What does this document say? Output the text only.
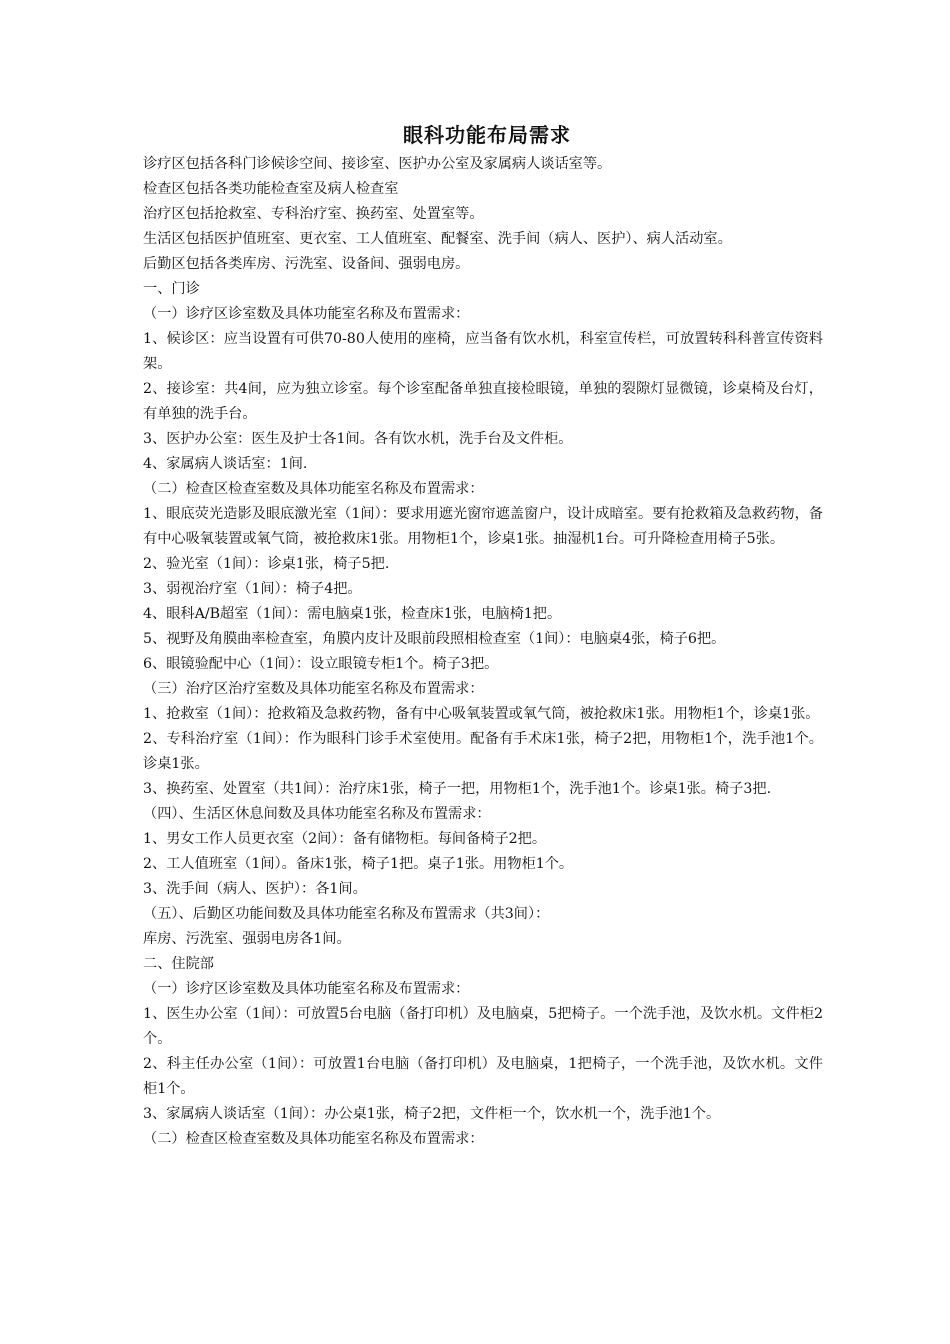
眼科功能布局需求

诊疗区包括各科门诊候诊空间、接诊室、医护办公室及家属病人谈话室等。

检查区包括各类功能检查室及病人检查室

治疗区包括抢救室、专科治疗室、换药室、处置室等。

生活区包括医护值班室、更衣室、工人值班室、配餐室、洗手间（病人、医护）、病人活动室。

后勤区包括各类库房、污洗室、设备间、强弱电房。

一、门诊

（一）诊疗区诊室数及具体功能室名称及布置需求：

1、候诊区：应当设置有可供70-80人使用的座椅，应当备有饮水机，科室宣传栏，可放置转科科普宣传资料架。

2、接诊室：共4间，应为独立诊室。每个诊室配备单独直接检眼镜，单独的裂隙灯显微镜，诊桌椅及台灯，有单独的洗手台。

3、医护办公室：医生及护士各1间。各有饮水机，洗手台及文件柜。

4、家属病人谈话室：1间.

（二）检查区检查室数及具体功能室名称及布置需求：

1、眼底荧光造影及眼底激光室（1间）：要求用遮光窗帘遮盖窗户，设计成暗室。要有抢救箱及急救药物，备有中心吸氧装置或氧气筒，被抢救床1张。用物柜1个，诊桌1张。抽湿机1台。可升降检查用椅子5张。

2、验光室（1间）：诊桌1张，椅子5把.

3、弱视治疗室（1间）：椅子4把。

4、眼科A/B超室（1间）：需电脑桌1张，检查床1张，电脑椅1把。

5、视野及角膜曲率检查室，角膜内皮计及眼前段照相检查室（1间）：电脑桌4张，椅子6把。

6、眼镜验配中心（1间）：设立眼镜专柜1个。椅子3把。

（三）治疗区治疗室数及具体功能室名称及布置需求：

1、抢救室（1间）：抢救箱及急救药物，备有中心吸氧装置或氧气筒，被抢救床1张。用物柜1个，诊桌1张。

2、专科治疗室（1间）：作为眼科门诊手术室使用。配备有手术床1张，椅子2把，用物柜1个，洗手池1个。诊桌1张。

3、换药室、处置室（共1间）：治疗床1张，椅子一把，用物柜1个，洗手池1个。诊桌1张。椅子3把.

（四）、生活区休息间数及具体功能室名称及布置需求：

1、男女工作人员更衣室（2间）：备有储物柜。每间备椅子2把。

2、工人值班室（1间）。备床1张，椅子1把。桌子1张。用物柜1个。

3、洗手间（病人、医护）：各1间。

（五）、后勤区功能间数及具体功能室名称及布置需求（共3间）：

库房、污洗室、强弱电房各1间。

二、住院部

（一）诊疗区诊室数及具体功能室名称及布置需求：

1、医生办公室（1间）：可放置5台电脑（备打印机）及电脑桌，5把椅子。一个洗手池，及饮水机。文件柜2个。

2、科主任办公室（1间）：可放置1台电脑（备打印机）及电脑桌，1把椅子，一个洗手池，及饮水机。文件柜1个。

3、家属病人谈话室（1间）：办公桌1张，椅子2把，文件柜一个，饮水机一个，洗手池1个。

（二）检查区检查室数及具体功能室名称及布置需求：
